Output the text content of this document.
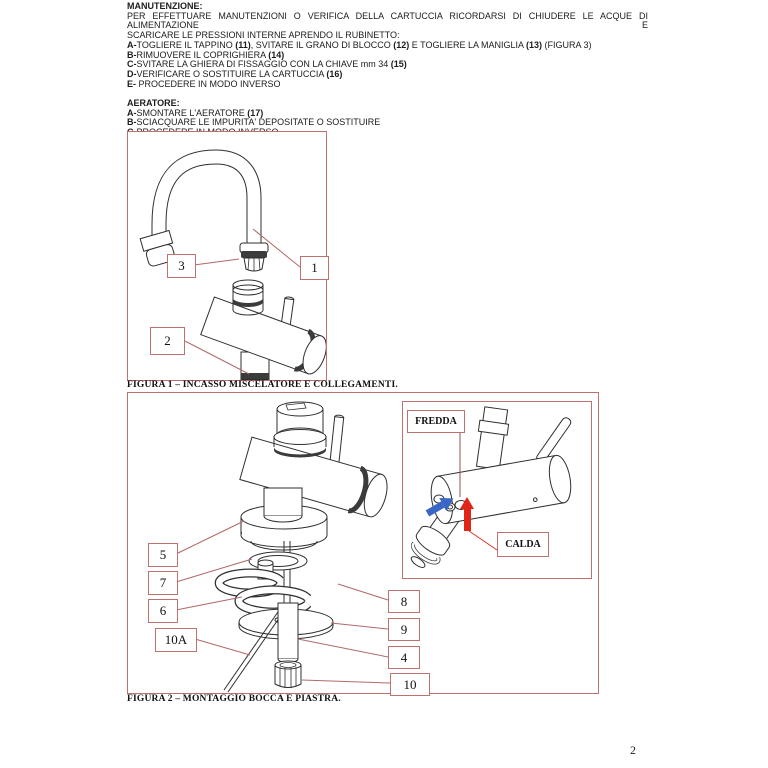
MANUTENZIONE:
PER EFFETTUARE MANUTENZIONI O VERIFICA DELLA CARTUCCIA RICORDARSI DI CHIUDERE LE ACQUE DI ALIMENTAZIONE E
SCARICARE LE PRESSIONI INTERNE APRENDO IL RUBINETTO:
A-TOGLIERE IL TAPPINO (11), SVITARE IL GRANO DI BLOCCO (12) E TOGLIERE LA MANIGLIA (13) (FIGURA 3)
B-RIMUOVERE IL COPRIGHIERA (14)
C-SVITARE LA GHIERA DI FISSAGGIO CON LA CHIAVE mm 34 (15)
D-VERIFICARE O SOSTITUIRE LA CARTUCCIA (16)
E- PROCEDERE IN MODO INVERSO
AERATORE:
A-SMONTARE L'AERATORE (17)
B-SCIACQUARE LE IMPURITA' DEPOSITATE O SOSTITUIRE
3	1
2
FIGURA 1 – INCASSO MISCELATORE E COLLEGAMENTI.
5
7
6
10A
8
9
4
10
FREDDA
CALDA
FIGURA 2 – MONTAGGIO BOCCA E PIASTRA.
2
